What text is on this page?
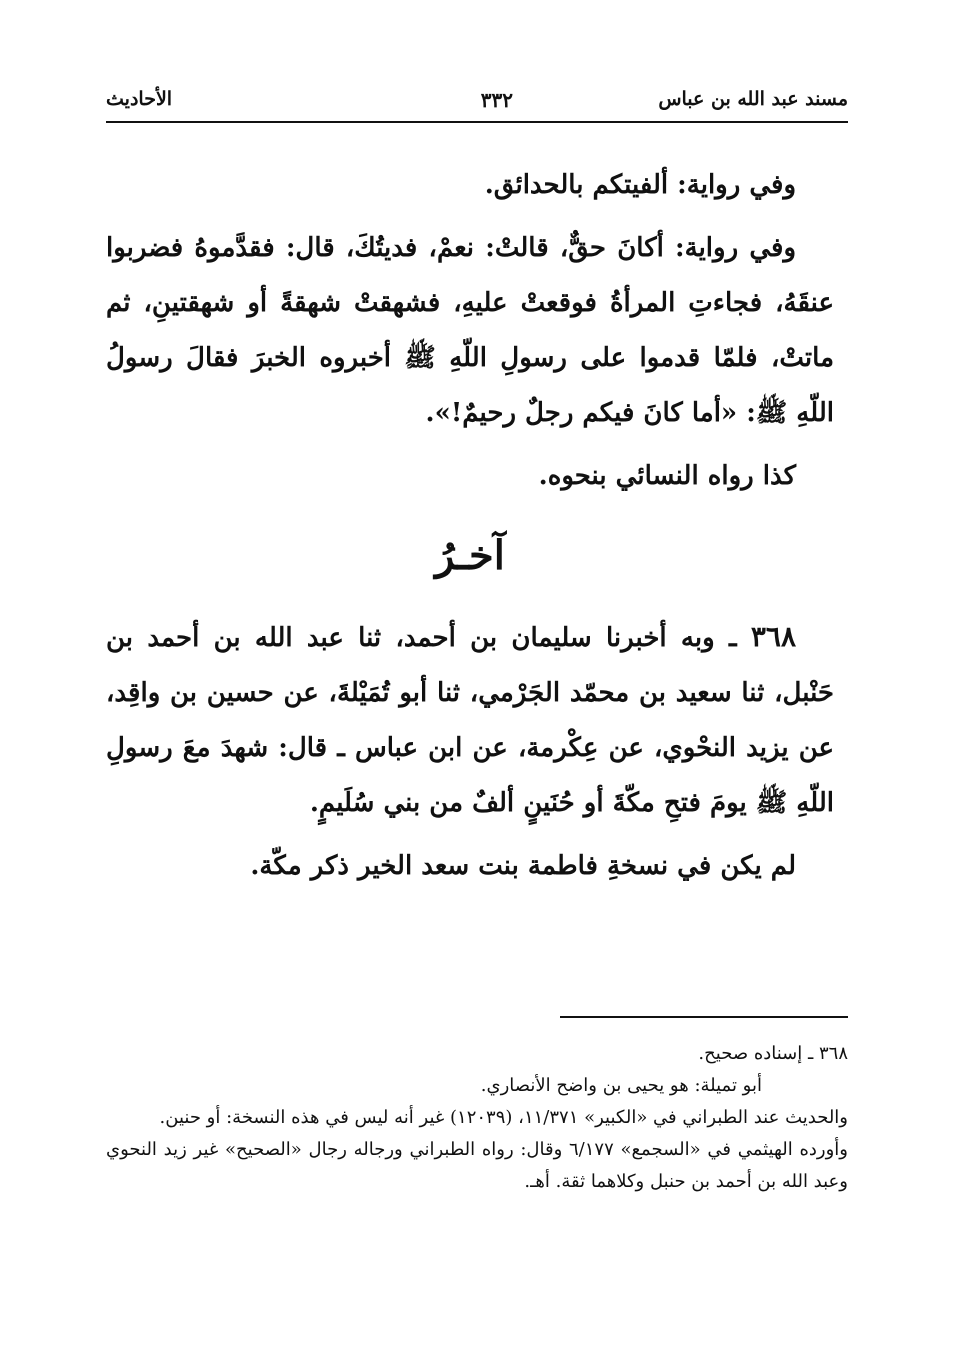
مسند عبد الله بن عباس
٣٣٢
الأحاديث

وفي رواية: ألفيتكم بالحدائق.

وفي رواية: أكانَ حقٌّ، قالتْ: نعمْ، فديتُكَ، قال: فقدَّموهُ فضربوا عنقَهُ، فجاءتِ المرأةُ فوقعتْ عليهِ، فشهقتْ شهقةً أو شهقتينِ، ثم ماتتْ، فلمّا قدموا على رسولِ اللّهِ ﷺ أخبروه الخبرَ فقالَ رسولُ اللّهِ ﷺ: «أما كانَ فيكم رجلٌ رحيمٌ!».

كذا رواه النسائي بنحوه.

آخـرُ

٣٦٨ ـ وبه أخبرنا سليمان بن أحمد، ثنا عبد الله بن أحمد بن حَنْبل، ثنا سعيد بن محمّد الجَرْمي، ثنا أبو تُمَيْلةَ، عن حسين بن واقِد، عن يزيد النحْوي، عن عِكْرمة، عن ابن عباس ـ قال: شهدَ معَ رسولِ اللّهِ ﷺ يومَ فتحِ مكّةَ أو حُنَينٍ ألفٌ من بني سُلَيمٍ.

لم يكن في نسخةِ فاطمة بنت سعد الخير ذكر مكّة.

٣٦٨ ـ إسناده صحيح.

أبو تميلة: هو يحيى بن واضح الأنصاري.

والحديث عند الطبراني في «الكبير» ١١/٣٧١، (١٢٠٣٩) غير أنه ليس في هذه النسخة: أو حنين.

وأورده الهيثمي في «السجمع» ٦/١٧٧ وقال: رواه الطبراني ورجاله رجال «الصحيح» غير زيد النحوي وعبد الله بن أحمد بن حنبل وكلاهما ثقة. أهـ.
